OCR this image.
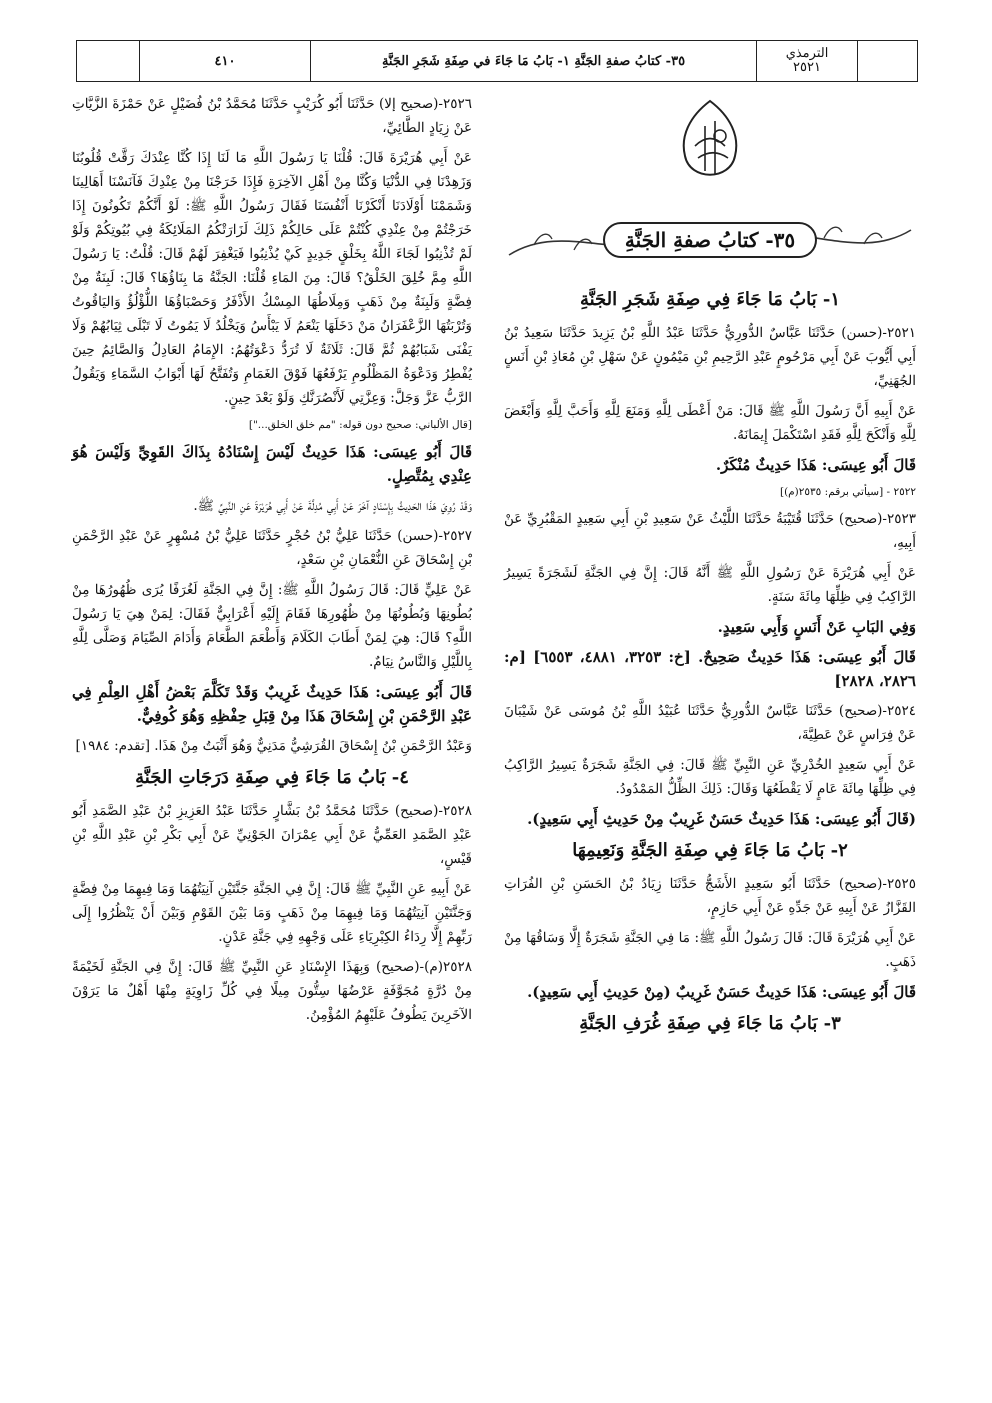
٤١٠	٣٥- كتابُ صفةِ الجَنَّةِ ١- بَابُ مَا جَاءَ في صِفَةِ شَجَرِ الجَنَّةِ	الترمذي
٢٥٢١
٣٥- كتابُ صفةِ الجَنَّةِ
١- بَابُ مَا جَاءَ فِي صِفَةِ شَجَرِ الجَنَّةِ

٢٥٢١-(حسن) حَدَّثَنَا عَبَّاسٌ الدُّورِيُّ حَدَّثَنَا عَبْدُ اللَّهِ بْنُ يَزِيدَ حَدَّثَنَا سَعِيدُ بْنُ أَبِي أَيُّوبَ عَنْ أَبِي مَرْحُومٍ عَبْدِ الرَّحِيمِ بْنِ مَيْمُونٍ عَنْ سَهْلِ بْنِ مُعَاذِ بْنِ أَنَسٍ الجُهَنِيِّ،

عَنْ أَبِيهِ أَنَّ رَسُولَ اللَّهِ ﷺ قَالَ: مَنْ أَعْطَى لِلَّهِ وَمَنَعَ لِلَّهِ وَأَحَبَّ لِلَّهِ وَأَبْغَضَ لِلَّهِ وَأَنْكَحَ لِلَّهِ فَقَدِ اسْتَكْمَلَ إِيمَانَهُ.

قَالَ أَبُو عِيسَى: هَذَا حَدِيثٌ مُنْكَرٌ.

٢٥٢٢ - [سيأتي برقم: ٢٥٣٥(م)]

٢٥٢٣-(صحيح) حَدَّثَنَا قُتَيْبَةُ حَدَّثَنَا اللَّيْثُ عَنْ سَعِيدِ بْنِ أَبِي سَعِيدٍ المَقْبُرِيِّ عَنْ أَبِيهِ،

عَنْ أَبِي هُرَيْرَةَ عَنْ رَسُولِ اللَّهِ ﷺ أَنَّهُ قَالَ: إِنَّ فِي الجَنَّةِ لَشَجَرَةً يَسِيرُ الرَّاكِبُ فِي ظِلِّهَا مِائَةَ سَنَةٍ.

وَفِي البَابِ عَنْ أَنَسٍ وَأَبِي سَعِيدٍ.

قَالَ أَبُو عِيسَى: هَذَا حَدِيثٌ صَحِيحٌ. [خ: ٣٢٥٣، ٤٨٨١، ٦٥٥٣] [م: ٢٨٢٦، ٢٨٢٨]

٢٥٢٤-(صحيح) حَدَّثَنَا عَبَّاسٌ الدُّورِيُّ حَدَّثَنَا عُبَيْدُ اللَّهِ بْنُ مُوسَى عَنْ شَيْبَانَ عَنْ فِرَاسٍ عَنْ عَطِيَّةَ،

عَنْ أَبِي سَعِيدٍ الخُدْرِيِّ عَنِ النَّبِيِّ ﷺ قَالَ: فِي الجَنَّةِ شَجَرَةٌ يَسِيرُ الرَّاكِبُ فِي ظِلِّهَا مِائَةَ عَامٍ لَا يَقْطَعُهَا وَقَالَ: ذَلِكَ الظِّلُّ المَمْدُودُ.

(قَالَ أَبُو عِيسَى: هَذَا حَدِيثٌ حَسَنٌ غَرِيبٌ مِنْ حَدِيثِ أَبِي سَعِيدٍ).

٢- بَابُ مَا جَاءَ فِي صِفَةِ الجَنَّةِ وَنَعِيمِهَا

٢٥٢٥-(صحيح) حَدَّثَنَا أَبُو سَعِيدٍ الأَشَجُّ حَدَّثَنَا زِيَادُ بْنُ الحَسَنِ بْنِ الفُرَاتِ القَزَّازُ عَنْ أَبِيهِ عَنْ جَدِّهِ عَنْ أَبِي حَازِمٍ،

عَنْ أَبِي هُرَيْرَةَ قَالَ: قَالَ رَسُولُ اللَّهِ ﷺ: مَا فِي الجَنَّةِ شَجَرَةٌ إِلَّا وَسَاقُهَا مِنْ ذَهَبٍ.

قَالَ أَبُو عِيسَى: هَذَا حَدِيثٌ حَسَنٌ غَرِيبٌ (مِنْ حَدِيثِ أَبِي سَعِيدٍ).

٣- بَابُ مَا جَاءَ فِي صِفَةِ غُرَفِ الجَنَّةِ

٢٥٢٦-(صحيح إلا) حَدَّثَنَا أَبُو كُرَيْبٍ حَدَّثَنَا مُحَمَّدُ بْنُ فُضَيْلٍ عَنْ حَمْزَةَ الزَّيَّاتِ عَنْ زِيَادٍ الطَّائِيِّ،

عَنْ أَبِي هُرَيْرَةَ قَالَ: قُلْنَا يَا رَسُولَ اللَّهِ مَا لَنَا إِذَا كُنَّا عِنْدَكَ رَقَّتْ قُلُوبُنَا وَزَهِدْنَا فِي الدُّنْيَا وَكُنَّا مِنْ أَهْلِ الآخِرَةِ فَإِذَا خَرَجْنَا مِنْ عِنْدِكَ فَآنَسْنَا أَهَالِينَا وَشَمَمْنَا أَوْلَادَنَا أَنْكَرْنَا أَنْفُسَنَا فَقَالَ رَسُولُ اللَّهِ ﷺ: لَوْ أَنَّكُمْ تَكُونُونَ إِذَا خَرَجْتُمْ مِنْ عِنْدِي كُنْتُمْ عَلَى حَالِكُمْ ذَلِكَ لَزَارَتْكُمُ المَلَائِكَةُ فِي بُيُوتِكُمْ وَلَوْ لَمْ تُذْنِبُوا لَجَاءَ اللَّهُ بِخَلْقٍ جَدِيدٍ كَيْ يُذْنِبُوا فَيَغْفِرَ لَهُمْ قَالَ: قُلْتُ: يَا رَسُولَ اللَّهِ مِمَّ خُلِقَ الخَلْقُ؟ قَالَ: مِنَ المَاءِ قُلْنَا: الجَنَّةُ مَا بِنَاؤُهَا؟ قَالَ: لَبِنَةٌ مِنْ فِضَّةٍ وَلَبِنَةٌ مِنْ ذَهَبٍ وَمِلَاطُهَا المِسْكُ الأَذْفَرُ وَحَصْبَاؤُهَا اللُّؤْلُؤُ وَاليَاقُوتُ وَتُرْبَتُهَا الزَّعْفَرَانُ مَنْ دَخَلَهَا يَنْعَمُ لَا يَبْأَسُ وَيَخْلُدُ لَا يَمُوتُ لَا تَبْلَى ثِيَابُهُمْ وَلَا يَفْنَى شَبَابُهُمْ ثُمَّ قَالَ: ثَلَاثَةٌ لَا تُرَدُّ دَعْوَتُهُمُ: الإِمَامُ العَادِلُ وَالصَّائِمُ حِينَ يُفْطِرُ وَدَعْوَةُ المَظْلُومِ يَرْفَعُهَا فَوْقَ الغَمَامِ وَتُفَتَّحُ لَهَا أَبْوَابُ السَّمَاءِ وَيَقُولُ الرَّبُّ عَزَّ وَجَلَّ: وَعِزَّتِي لَأَنْصُرَنَّكِ وَلَوْ بَعْدَ حِينٍ.

[قال الألباني: صحيح دون قوله: "مم خلق الخلق..."]

قَالَ أَبُو عِيسَى: هَذَا حَدِيثٌ لَيْسَ إِسْنَادُهُ بِذَاكَ القَوِيِّ وَلَيْسَ هُوَ عِنْدِي بِمُتَّصِلٍ.

وَقَدْ رُوِيَ هَذَا الحَدِيثُ بِإِسْنَادٍ آخَرَ عَنْ أَبِي مُدِلَّةَ عَنْ أَبِي هُرَيْرَةَ عَنِ النَّبِيِّ ﷺ.

٢٥٢٧-(حسن) حَدَّثَنَا عَلِيُّ بْنُ حُجْرٍ حَدَّثَنَا عَلِيُّ بْنُ مُسْهِرٍ عَنْ عَبْدِ الرَّحْمَنِ بْنِ إِسْحَاقَ عَنِ النُّعْمَانِ بْنِ سَعْدٍ،

عَنْ عَلِيٍّ قَالَ: قَالَ رَسُولُ اللَّهِ ﷺ: إِنَّ فِي الجَنَّةِ لَغُرَفًا يُرَى ظُهُورُهَا مِنْ بُطُونِهَا وَبُطُونُهَا مِنْ ظُهُورِهَا فَقَامَ إِلَيْهِ أَعْرَابِيٌّ فَقَالَ: لِمَنْ هِيَ يَا رَسُولَ اللَّهِ؟ قَالَ: هِيَ لِمَنْ أَطَابَ الكَلَامَ وَأَطْعَمَ الطَّعَامَ وَأَدَامَ الصِّيَامَ وَصَلَّى لِلَّهِ بِاللَّيْلِ وَالنَّاسُ نِيَامٌ.

قَالَ أَبُو عِيسَى: هَذَا حَدِيثٌ غَرِيبٌ وَقَدْ تَكَلَّمَ بَعْضُ أَهْلِ العِلْمِ فِي عَبْدِ الرَّحْمَنِ بْنِ إِسْحَاقَ هَذَا مِنْ قِبَلِ حِفْظِهِ وَهُوَ كُوفِيٌّ.

وَعَبْدُ الرَّحْمَنِ بْنُ إِسْحَاقَ القُرَشِيُّ مَدَنِيٌّ وَهُوَ أَثْبَتُ مِنْ هَذَا. [تقدم: ١٩٨٤]

٤- بَابُ مَا جَاءَ فِي صِفَةِ دَرَجَاتِ الجَنَّةِ

٢٥٢٨-(صحيح) حَدَّثَنَا مُحَمَّدُ بْنُ بَشَّارٍ حَدَّثَنَا عَبْدُ العَزِيزِ بْنُ عَبْدِ الصَّمَدِ أَبُو عَبْدِ الصَّمَدِ العَمِّيُّ عَنْ أَبِي عِمْرَانَ الجَوْنِيِّ عَنْ أَبِي بَكْرِ بْنِ عَبْدِ اللَّهِ بْنِ قَيْسٍ،

عَنْ أَبِيهِ عَنِ النَّبِيِّ ﷺ قَالَ: إِنَّ فِي الجَنَّةِ جَنَّتَيْنِ آنِيَتُهُمَا وَمَا فِيهِمَا مِنْ فِضَّةٍ وَجَنَّتَيْنِ آنِيَتُهُمَا وَمَا فِيهِمَا مِنْ ذَهَبٍ وَمَا بَيْنَ القَوْمِ وَبَيْنَ أَنْ يَنْظُرُوا إِلَى رَبِّهِمْ إِلَّا رِدَاءُ الكِبْرِيَاءِ عَلَى وَجْهِهِ فِي جَنَّةِ عَدْنٍ.

٢٥٢٨(م)-(صحيح) وَبِهَذَا الإِسْنَادِ عَنِ النَّبِيِّ ﷺ قَالَ: إِنَّ فِي الجَنَّةِ لَخَيْمَةً مِنْ دُرَّةٍ مُجَوَّفَةٍ عَرْضُهَا سِتُّونَ مِيلًا فِي كُلِّ زَاوِيَةٍ مِنْهَا أَهْلٌ مَا يَرَوْنَ الآخَرِينَ يَطُوفُ عَلَيْهِمُ المُؤْمِنُ.
